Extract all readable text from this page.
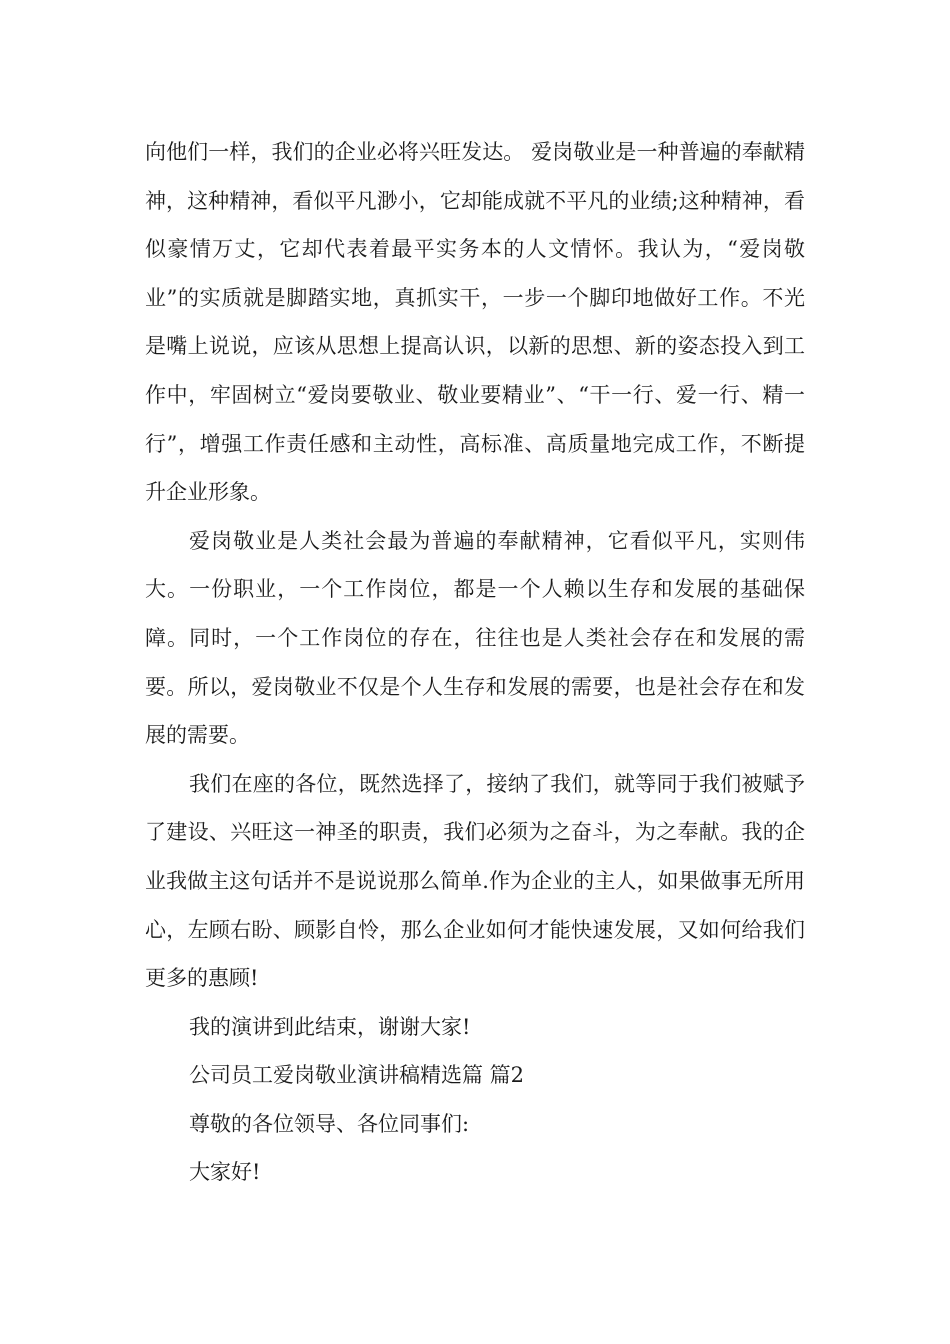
向他们一样，我们的企业必将兴旺发达。 爱岗敬业是一种普遍的奉献精神，这种精神，看似平凡渺小，它却能成就不平凡的业绩;这种精神，看似豪情万丈，它却代表着最平实务本的人文情怀。我认为，“爱岗敬业”的实质就是脚踏实地，真抓实干，一步一个脚印地做好工作。不光是嘴上说说，应该从思想上提高认识，以新的思想、新的姿态投入到工作中，牢固树立“爱岗要敬业、敬业要精业”、“干一行、爱一行、精一行”，增强工作责任感和主动性，高标准、高质量地完成工作，不断提升企业形象。

爱岗敬业是人类社会最为普遍的奉献精神，它看似平凡，实则伟大。一份职业，一个工作岗位，都是一个人赖以生存和发展的基础保障。同时，一个工作岗位的存在，往往也是人类社会存在和发展的需要。所以，爱岗敬业不仅是个人生存和发展的需要，也是社会存在和发展的需要。

我们在座的各位，既然选择了，接纳了我们，就等同于我们被赋予了建设、兴旺这一神圣的职责，我们必须为之奋斗，为之奉献。我的企业我做主这句话并不是说说那么简单.作为企业的主人，如果做事无所用心，左顾右盼、顾影自怜，那么企业如何才能快速发展，又如何给我们更多的惠顾!

我的演讲到此结束，谢谢大家!

公司员工爱岗敬业演讲稿精选篇 篇2

尊敬的各位领导、各位同事们:

大家好!
